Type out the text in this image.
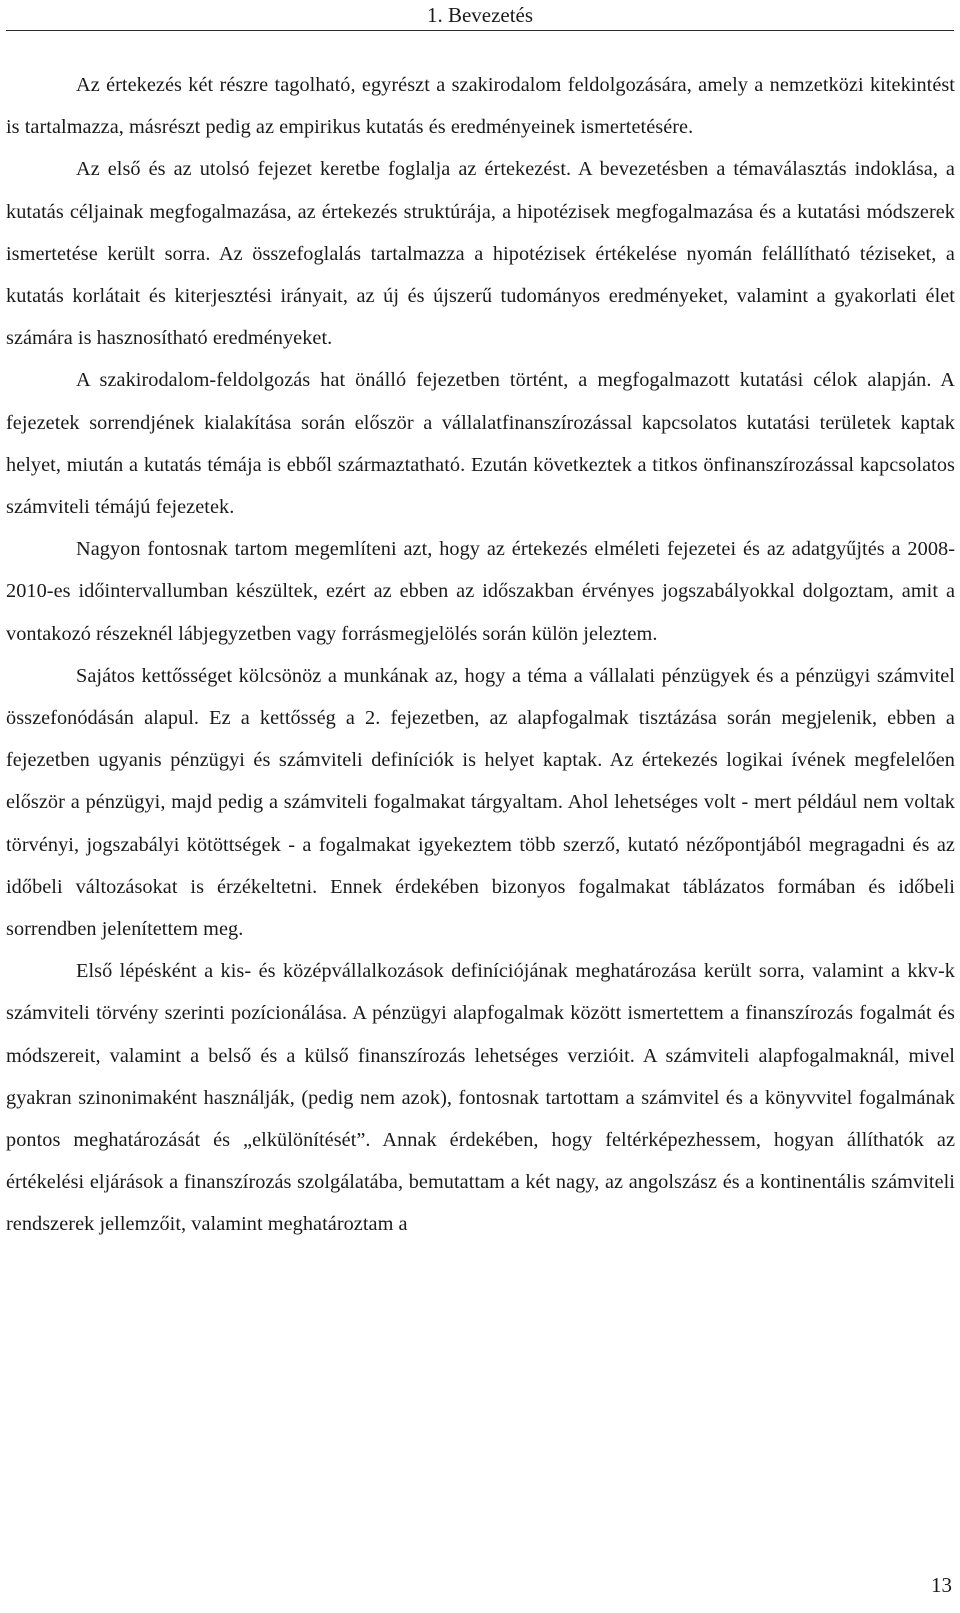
1. Bevezetés

Az értekezés két részre tagolható, egyrészt a szakirodalom feldolgozására, amely a nemzetközi kitekintést is tartalmazza, másrészt pedig az empirikus kutatás és eredményeinek ismertetésére.

Az első és az utolsó fejezet keretbe foglalja az értekezést. A bevezetésben a témaválasztás indoklása, a kutatás céljainak megfogalmazása, az értekezés struktúrája, a hipotézisek megfogalmazása és a kutatási módszerek ismertetése került sorra. Az összefoglalás tartalmazza a hipotézisek értékelése nyomán felállítható téziseket, a kutatás korlátait és kiterjesztési irányait, az új és újszerű tudományos eredményeket, valamint a gyakorlati élet számára is hasznosítható eredményeket.

A szakirodalom-feldolgozás hat önálló fejezetben történt, a megfogalmazott kutatási célok alapján. A fejezetek sorrendjének kialakítása során először a vállalatfinanszírozással kapcsolatos kutatási területek kaptak helyet, miután a kutatás témája is ebből származtatható. Ezután következtek a titkos önfinanszírozással kapcsolatos számviteli témájú fejezetek.

Nagyon fontosnak tartom megemlíteni azt, hogy az értekezés elméleti fejezetei és az adatgyűjtés a 2008-2010-es időintervallumban készültek, ezért az ebben az időszakban érvényes jogszabályokkal dolgoztam, amit a vontakozó részeknél lábjegyzetben vagy forrásmegjelölés során külön jeleztem.

Sajátos kettősséget kölcsönöz a munkának az, hogy a téma a vállalati pénzügyek és a pénzügyi számvitel összefonódásán alapul. Ez a kettősség a 2. fejezetben, az alapfogalmak tisztázása során megjelenik, ebben a fejezetben ugyanis pénzügyi és számviteli definíciók is helyet kaptak. Az értekezés logikai ívének megfelelően először a pénzügyi, majd pedig a számviteli fogalmakat tárgyaltam. Ahol lehetséges volt - mert például nem voltak törvényi, jogszabályi kötöttségek - a fogalmakat igyekeztem több szerző, kutató nézőpontjából megragadni és az időbeli változásokat is érzékeltetni. Ennek érdekében bizonyos fogalmakat táblázatos formában és időbeli sorrendben jelenítettem meg.

Első lépésként a kis- és középvállalkozások definíciójának meghatározása került sorra, valamint a kkv-k számviteli törvény szerinti pozícionálása. A pénzügyi alapfogalmak között ismertettem a finanszírozás fogalmát és módszereit, valamint a belső és a külső finanszírozás lehetséges verzióit. A számviteli alapfogalmaknál, mivel gyakran szinonimaként használják, (pedig nem azok), fontosnak tartottam a számvitel és a könyvvitel fogalmának pontos meghatározását és „elkülönítését”. Annak érdekében, hogy feltérképezhessem, hogyan állíthatók az értékelési eljárások a finanszírozás szolgálatába, bemutattam a két nagy, az angolszász és a kontinentális számviteli rendszerek jellemzőit, valamint meghatároztam a

13
